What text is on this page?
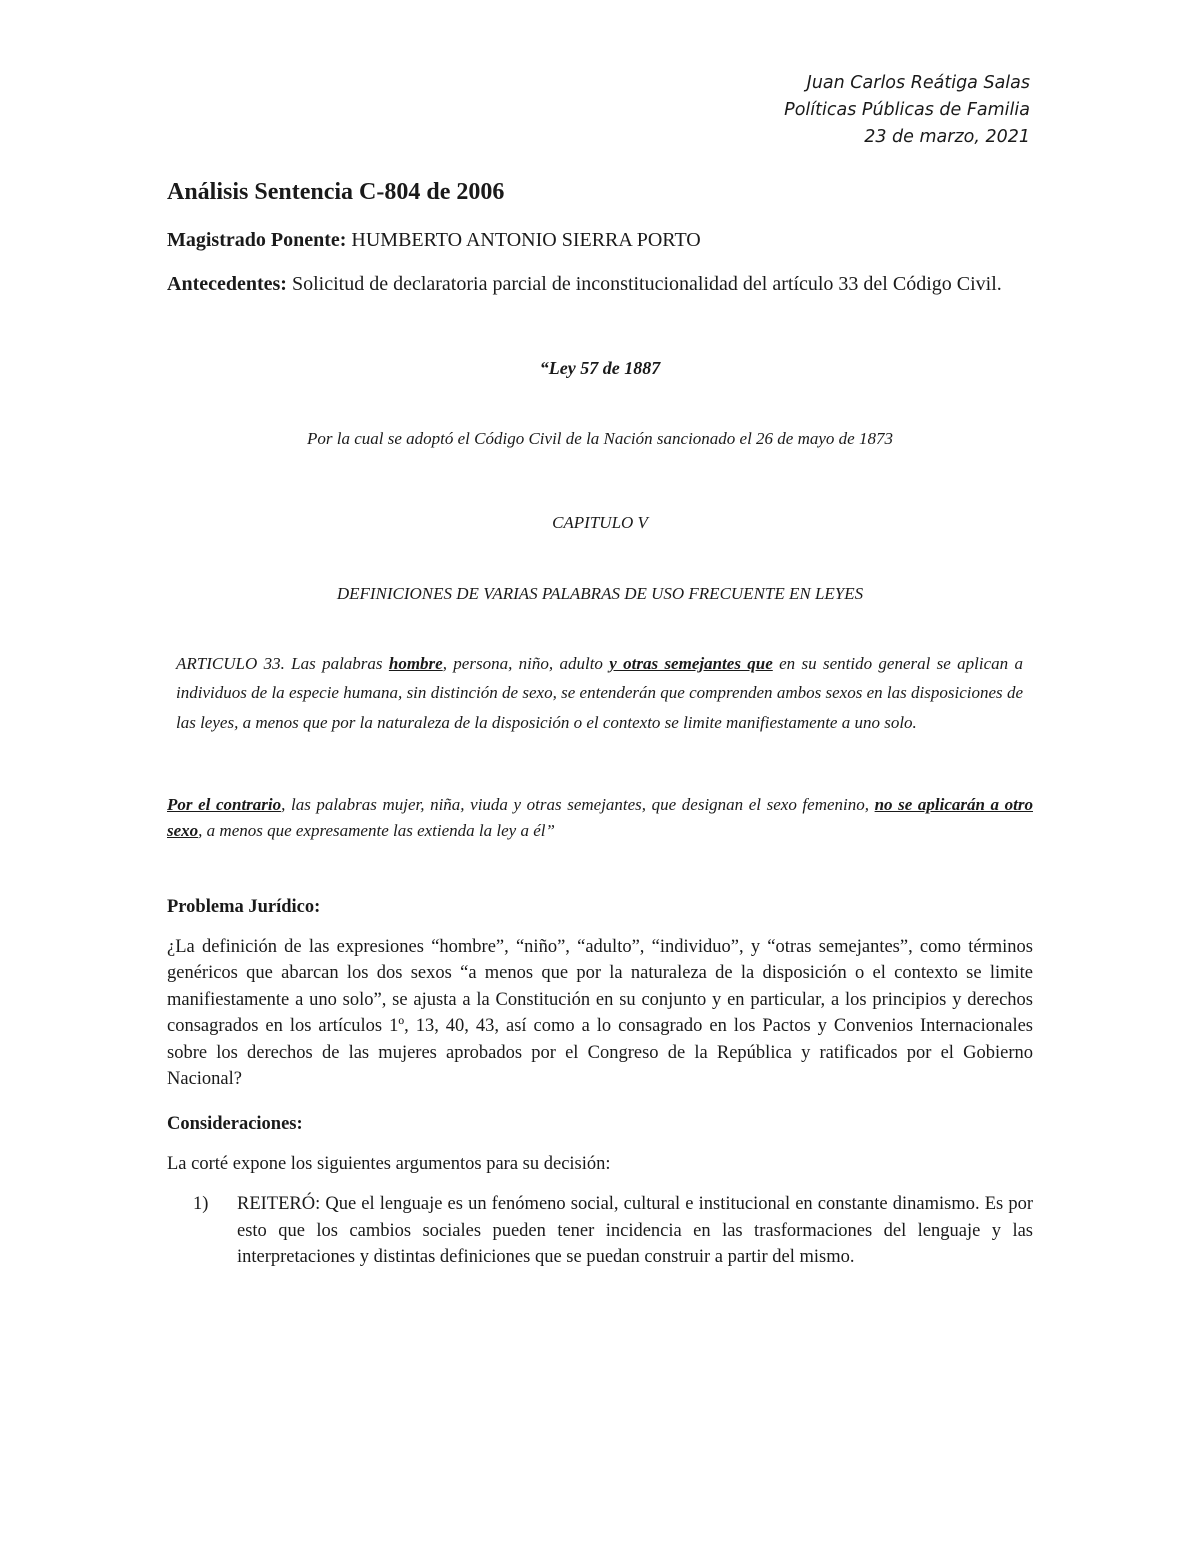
Juan Carlos Reátiga Salas
Políticas Públicas de Familia
23 de marzo, 2021
Análisis Sentencia C-804 de 2006

Magistrado Ponente: HUMBERTO ANTONIO SIERRA PORTO

Antecedentes: Solicitud de declaratoria parcial de inconstitucionalidad del artículo 33 del Código Civil.

“Ley 57 de 1887
Por la cual se adoptó el Código Civil de la Nación sancionado el 26 de mayo de 1873
CAPITULO V
DEFINICIONES DE VARIAS PALABRAS DE USO FRECUENTE EN LEYES
ARTICULO 33. Las palabras hombre, persona, niño, adulto y otras semejantes que en su sentido general se aplican a individuos de la especie humana, sin distinción de sexo, se entenderán que comprenden ambos sexos en las disposiciones de las leyes, a menos que por la naturaleza de la disposición o el contexto se limite manifiestamente a uno solo.
Por el contrario, las palabras mujer, niña, viuda y otras semejantes, que designan el sexo femenino, no se aplicarán a otro sexo, a menos que expresamente las extienda la ley a él”
Problema Jurídico:

¿La definición de las expresiones “hombre”, “niño”, “adulto”, “individuo”, y “otras semejantes”, como términos genéricos que abarcan los dos sexos “a menos que por la naturaleza de la disposición o el contexto se limite manifiestamente a uno solo”, se ajusta a la Constitución en su conjunto y en particular, a los principios y derechos consagrados en los artículos 1º, 13, 40, 43, así como a lo consagrado en los Pactos y Convenios Internacionales sobre los derechos de las mujeres aprobados por el Congreso de la República y ratificados por el Gobierno Nacional?

Consideraciones:

La corté expone los siguientes argumentos para su decisión:

1) REITERÓ: Que el lenguaje es un fenómeno social, cultural e institucional en constante dinamismo. Es por esto que los cambios sociales pueden tener incidencia en las trasformaciones del lenguaje y las interpretaciones y distintas definiciones que se puedan construir a partir del mismo.
